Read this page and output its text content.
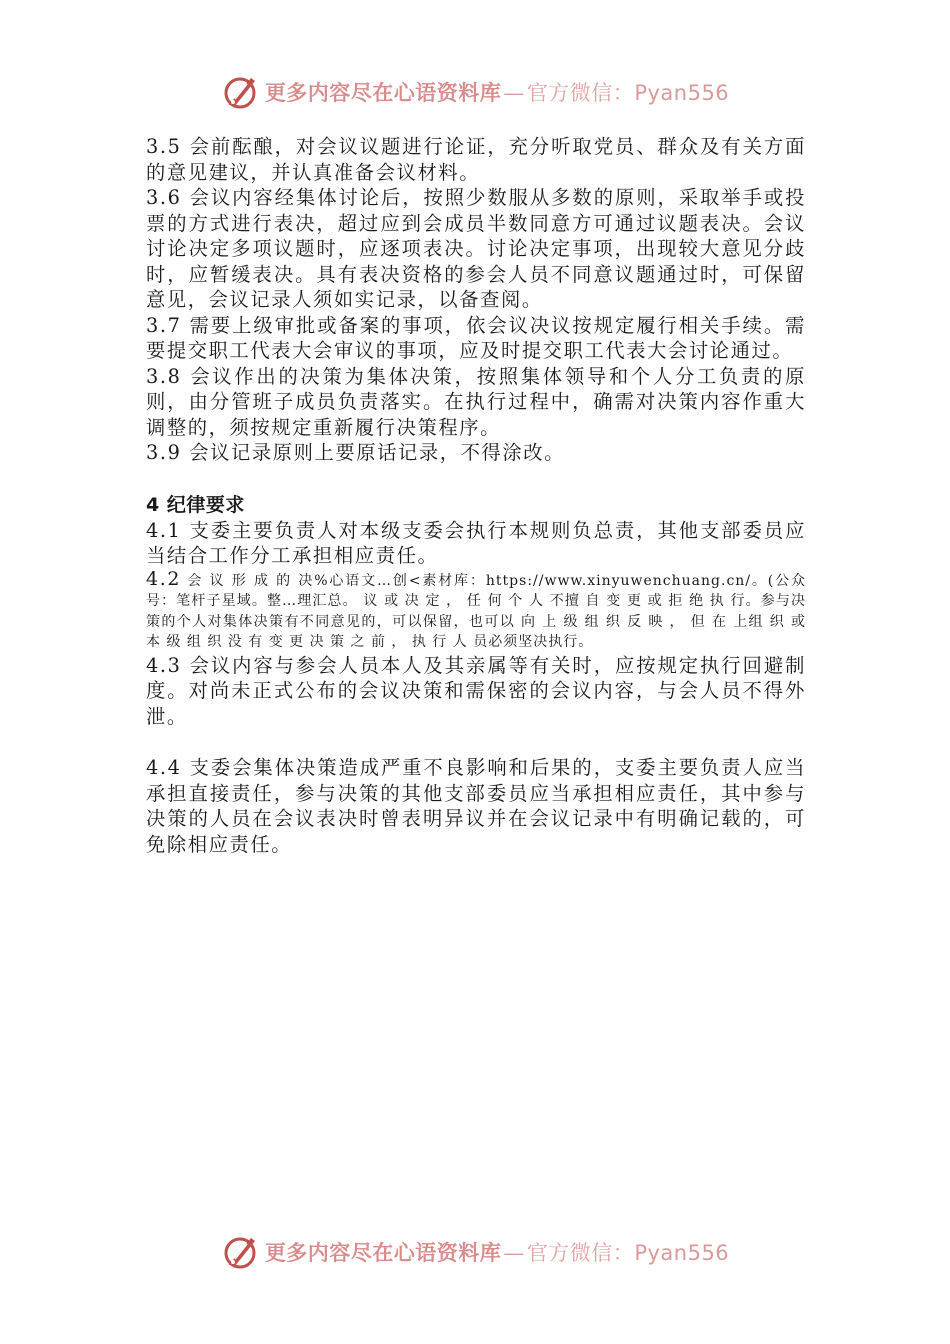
更多内容尽在心语资料库—官方微信：Pyan556

3.5 会前酝酿，对会议议题进行论证，充分听取党员、群众及有关方面的意见建议，并认真准备会议材料。

3.6 会议内容经集体讨论后，按照少数服从多数的原则，采取举手或投票的方式进行表决，超过应到会成员半数同意方可通过议题表决。会议讨论决定多项议题时，应逐项表决。讨论决定事项，出现较大意见分歧时，应暂缓表决。具有表决资格的参会人员不同意议题通过时，可保留意见，会议记录人须如实记录，以备查阅。

3.7 需要上级审批或备案的事项，依会议决议按规定履行相关手续。需要提交职工代表大会审议的事项，应及时提交职工代表大会讨论通过。

3.8 会议作出的决策为集体决策，按照集体领导和个人分工负责的原则，由分管班子成员负责落实。在执行过程中，确需对决策内容作重大调整的，须按规定重新履行决策程序。

3.9 会议记录原则上要原话记录，不得涂改。

4 纪律要求

4.1 支委主要负责人对本级支委会执行本规则负总责，其他支部委员应当结合工作分工承担相应责任。

4.2 会 议 形 成 的 决%心语文…创<素材库：https://www.xinyuwenchuang.cn/。(公众号：笔杆子星域。整…理汇总。 议 或 决 定 ， 任 何 个 人 不擅 自 变 更 或 拒 绝 执 行。参与决策的个人对集体决策有不同意见的，可以保留，也可以 向 上 级 组 织 反 映 ， 但 在 上组 织 或 本 级 组 织 没 有 变 更 决 策 之 前 ， 执 行 人 员必须坚决执行。

4.3 会议内容与参会人员本人及其亲属等有关时，应按规定执行回避制度。对尚未正式公布的会议决策和需保密的会议内容，与会人员不得外泄。

4.4 支委会集体决策造成严重不良影响和后果的，支委主要负责人应当承担直接责任，参与决策的其他支部委员应当承担相应责任，其中参与决策的人员在会议表决时曾表明异议并在会议记录中有明确记载的，可免除相应责任。

更多内容尽在心语资料库—官方微信：Pyan556
